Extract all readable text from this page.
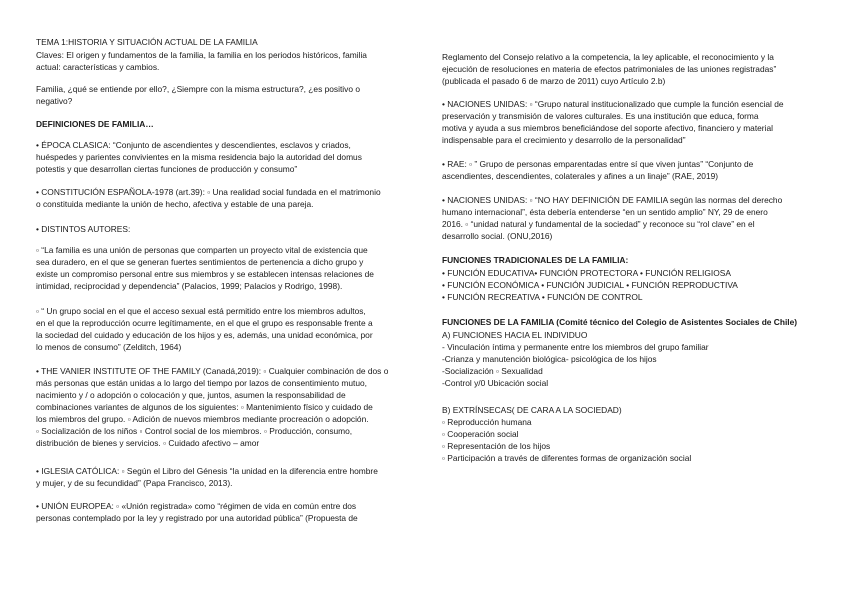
TEMA 1:HISTORIA Y SITUACIÓN ACTUAL DE LA FAMILIA

Claves: El origen y fundamentos de la familia, la familia en los periodos históricos, familia

actual: características y cambios.

Familia, ¿qué se entiende por ello?, ¿Siempre con la misma estructura?, ¿es positivo o

negativo?

DEFINICIONES DE FAMILIA…

• ÉPOCA CLASICA: “Conjunto de ascendientes y descendientes, esclavos y criados,

huéspedes y parientes convivientes en la misma residencia bajo la autoridad del domus

potestis y que desarrollan ciertas funciones de producción y consumo”

• CONSTITUCIÓN ESPAÑOLA-1978 (art.39): ▫ Una realidad social fundada en el matrimonio

o constituida mediante la unión de hecho, afectiva y estable de una pareja.

• DISTINTOS AUTORES:

▫ “La familia es una unión de personas que comparten un proyecto vital de existencia que

sea duradero, en el que se generan fuertes sentimientos de pertenencia a dicho grupo y

existe un compromiso personal entre sus miembros y se establecen intensas relaciones de

intimidad, reciprocidad y dependencia” (Palacios, 1999; Palacios y Rodrigo, 1998).

▫ “ Un grupo social en el que el acceso sexual está permitido entre los miembros adultos,

en el que la reproducción ocurre legítimamente, en el que el grupo es responsable frente a

la sociedad del cuidado y educación de los hijos y es, además, una unidad económica, por

lo menos de consumo” (Zelditch, 1964)

• THE VANIER INSTITUTE OF THE FAMILY (Canadá,2019): ▫ Cualquier combinación de dos o

más personas que están unidas a lo largo del tiempo por lazos de consentimiento mutuo,

nacimiento y / o adopción o colocación y que, juntos, asumen la responsabilidad de

combinaciones variantes de algunos de los siguientes: ▫ Mantenimiento físico y cuidado de

los miembros del grupo. ▫ Adición de nuevos miembros mediante procreación o adopción.

▫ Socialización de los niños ▫ Control social de los miembros. ▫ Producción, consumo,

distribución de bienes y servicios. ▫ Cuidado afectivo – amor

• IGLESIA CATÓLICA: ▫ Según el Libro del Génesis “la unidad en la diferencia entre hombre

y mujer, y de su fecundidad” (Papa Francisco, 2013).

• UNIÓN EUROPEA: ▫ «Unión registrada» como “régimen de vida en común entre dos

personas contemplado por la ley y registrado por una autoridad pública” (Propuesta de

Reglamento del Consejo relativo a la competencia, la ley aplicable, el reconocimiento y la

ejecución de resoluciones en materia de efectos patrimoniales de las uniones registradas”

(publicada el pasado 6 de marzo de 2011) cuyo Artículo 2.b)

• NACIONES UNIDAS: ▫ “Grupo natural institucionalizado que cumple la función esencial de

preservación y transmisión de valores culturales. Es una institución que educa, forma

motiva y ayuda a sus miembros beneficiándose del soporte afectivo, financiero y material

indispensable para el crecimiento y desarrollo de la personalidad”

• RAE: ▫ ” Grupo de personas emparentadas entre sí que viven juntas” “Conjunto de

ascendientes, descendientes, colaterales y afines a un linaje” (RAE, 2019)

• NACIONES UNIDAS: ▫ “NO HAY DEFINICIÓN DE FAMILIA según las normas del derecho

humano internacional”, ésta debería entenderse “en un sentido amplio” NY, 29 de enero

2016. ▫ “unidad natural y fundamental de la sociedad” y reconoce su “rol clave” en el

desarrollo social. (ONU,2016)

FUNCIONES TRADICIONALES DE LA FAMILIA:

• FUNCIÓN EDUCATIVA• FUNCIÓN PROTECTORA • FUNCIÓN RELIGIOSA

• FUNCIÓN ECONÓMICA • FUNCIÓN JUDICIAL • FUNCIÓN REPRODUCTIVA

• FUNCIÓN RECREATIVA • FUNCIÓN DE CONTROL

FUNCIONES DE LA FAMILIA (Comité técnico del Colegio de Asistentes Sociales de Chile)

A) FUNCIONES HACIA EL INDIVIDUO

- Vinculación íntima y permanente entre los miembros del grupo familiar

-Crianza y manutención biológica- psicológica de los hijos

-Socialización ▫ Sexualidad

-Control y/0 Ubicación social

B) EXTRÍNSECAS( DE CARA A LA SOCIEDAD)

▫ Reproducción humana

▫ Cooperación social

▫ Representación de los hijos

▫ Participación a través de diferentes formas de organización social
